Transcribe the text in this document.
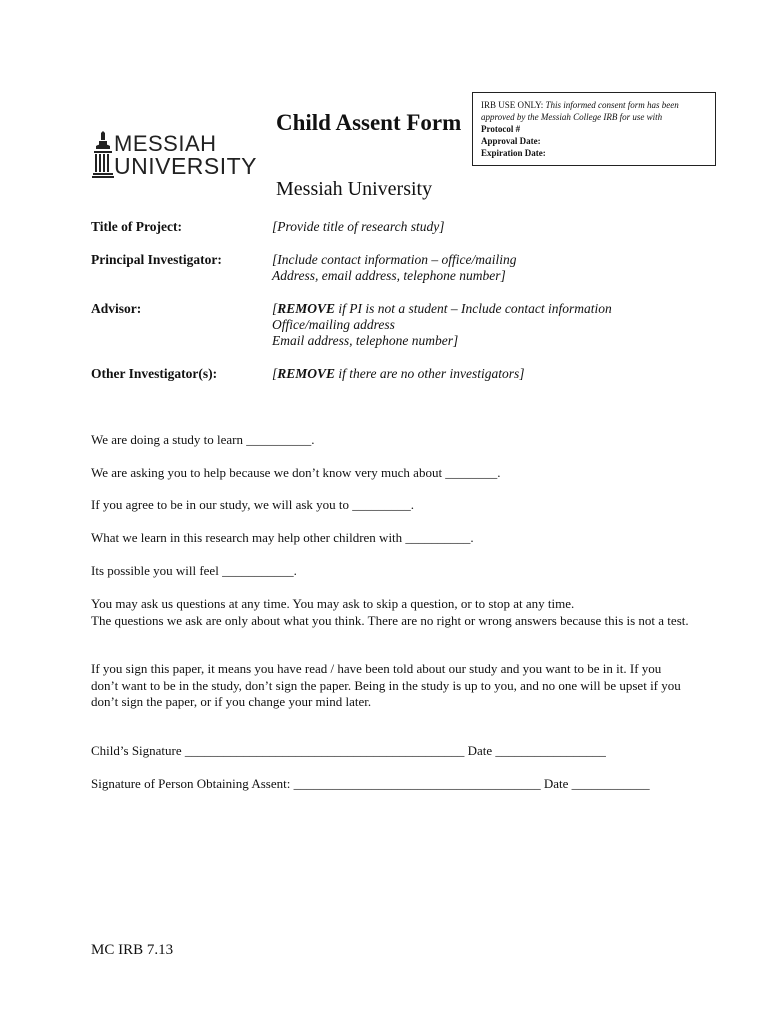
IRB USE ONLY: This informed consent form has been approved by the Messiah College IRB for use with
Protocol #
Approval Date:
Expiration Date:
MESSIAH
UNIVERSITY
Child Assent Form
Messiah University
Title of Project:	[Provide title of research study]
Principal Investigator:	[Include contact information – office/mailing
Address, email address, telephone number]
Advisor:	[REMOVE if PI is not a student – Include contact information
Office/mailing address
Email address, telephone number]
Other Investigator(s):	[REMOVE if there are no other investigators]
We are doing a study to learn __________.
We are asking you to help because we don’t know very much about ________.
If you agree to be in our study, we will ask you to _________.
What we learn in this research may help other children with __________.
Its possible you will feel ___________.
You may ask us questions at any time. You may ask to skip a question, or to stop at any time.
The questions we ask are only about what you think. There are no right or wrong answers because this is not a test.
If you sign this paper, it means you have read / have been told about our study and you want to be in it. If you don’t want to be in the study, don’t sign the paper. Being in the study is up to you, and no one will be upset if you don’t sign the paper, or if you change your mind later.
Child’s Signature ___________________________________________ Date _________________
Signature of Person Obtaining Assent: ______________________________________ Date ____________
MC IRB 7.13
